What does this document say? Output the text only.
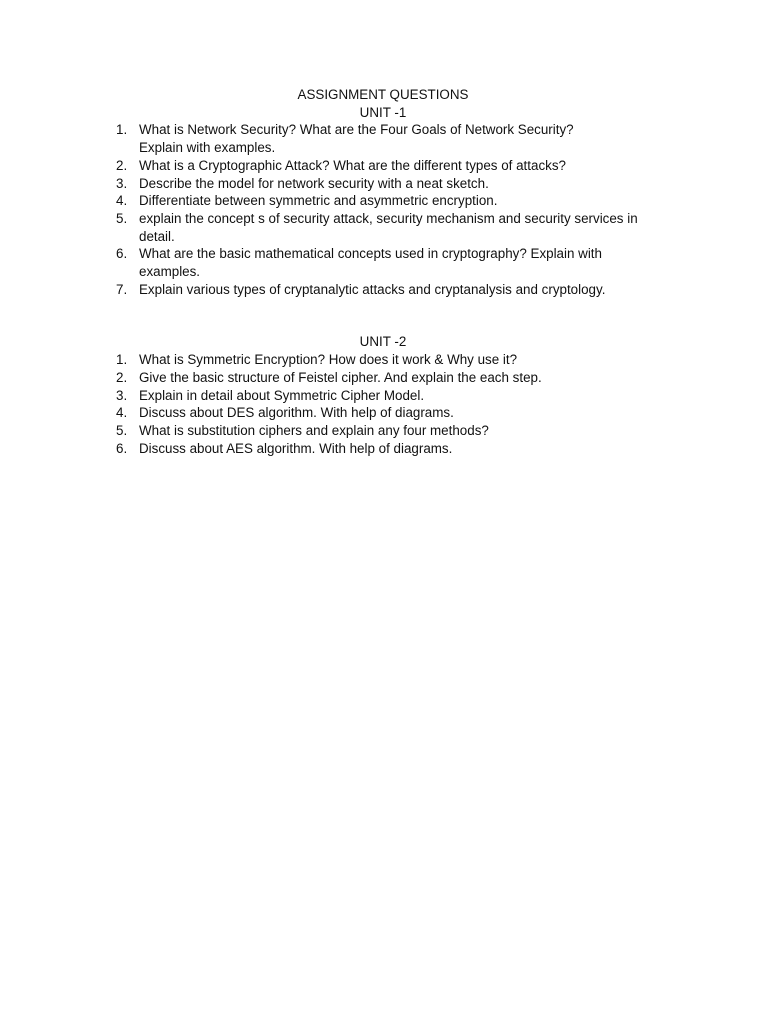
ASSIGNMENT QUESTIONS
UNIT -1
1. What is Network Security? What are the Four Goals of Network Security?
Explain with examples.
2. What is a Cryptographic Attack? What are the different types of attacks?
3. Describe the model for network security with a neat sketch.
4. Differentiate between symmetric and asymmetric encryption.
5. explain the concept s of security attack, security mechanism and security services in
detail.
6. What are the basic mathematical concepts used in cryptography? Explain with
examples.
7. Explain various types of cryptanalytic attacks and cryptanalysis and cryptology.
UNIT -2
1. What is Symmetric Encryption? How does it work & Why use it?
2. Give the basic structure of Feistel cipher. And explain the each step.
3. Explain in detail about Symmetric Cipher Model.
4. Discuss about DES algorithm. With help of diagrams.
5. What is substitution ciphers and explain any four methods?
6. Discuss about AES algorithm. With help of diagrams.
